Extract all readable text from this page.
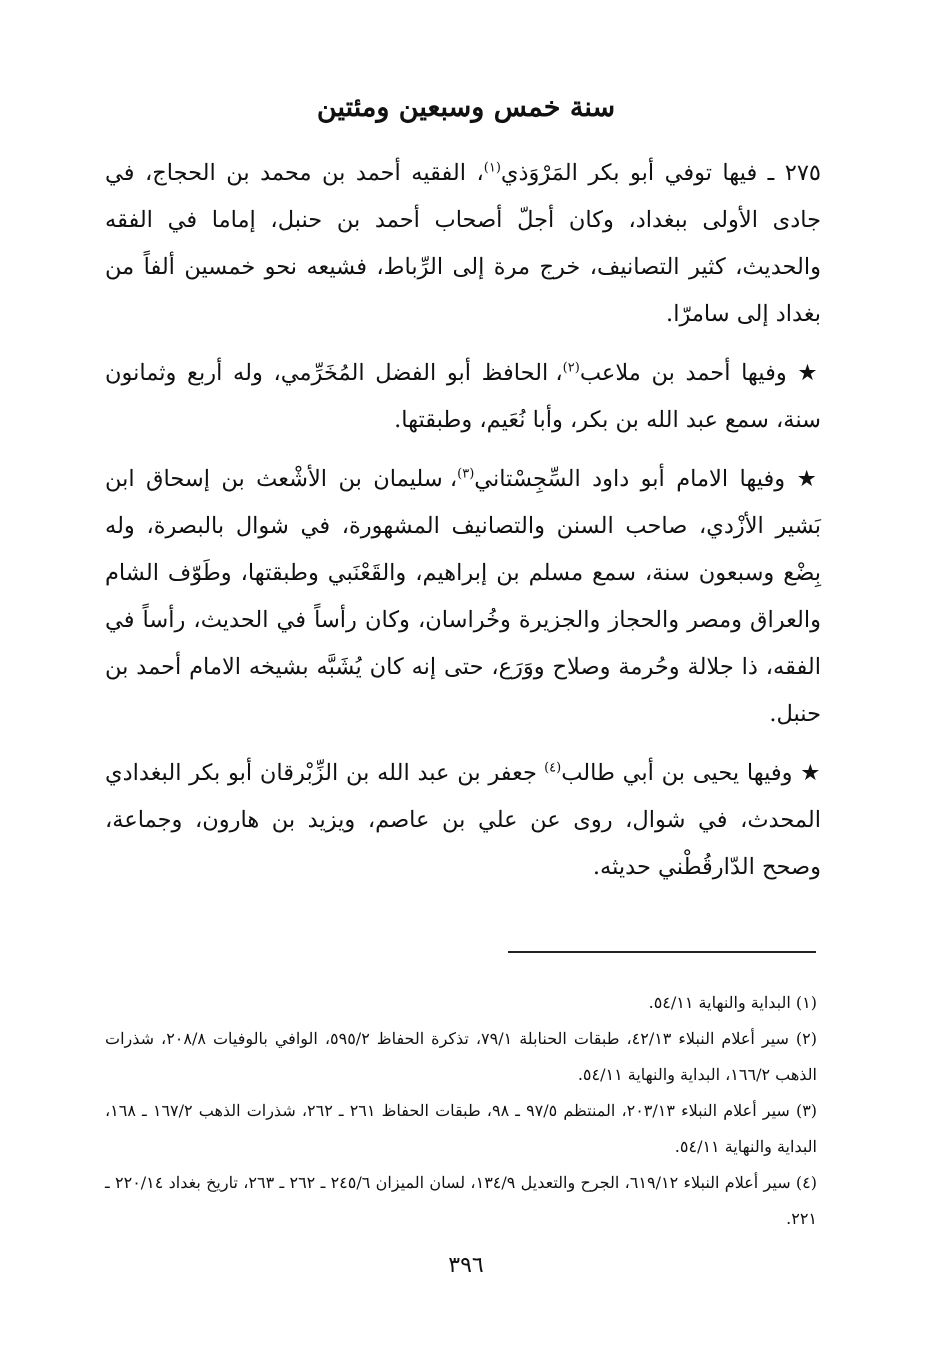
سنة خمس وسبعين ومئتين

٢٧٥ ـ فيها توفي أبو بكر المَرْوَذي$^{(١)}$، الفقيه أحمد بن محمد بن الحجاج، في جادى الأولى ببغداد، وكان أجلّ أصحاب أحمد بن حنبل، إماما في الفقه والحديث، كثير التصانيف، خرج مرة إلى الرِّباط، فشيعه نحو خمسين ألفاً من بغداد إلى سامرّا.

★ وفيها أحمد بن ملاعب$^{(٢)}$، الحافظ أبو الفضل المُخَرِّمي، وله أربع وثمانون سنة، سمع عبد الله بن بكر، وأبا نُعَيم، وطبقتها.

★ وفيها الامام أبو داود السِّجِسْتاني$^{(٣)}$، سليمان بن الأشْعث بن إسحاق ابن بَشير الأزْدي، صاحب السنن والتصانيف المشهورة، في شوال بالبصرة، وله بِضْع وسبعون سنة، سمع مسلم بن إبراهيم، والقَعْنَبي وطبقتها، وطَوّف الشام والعراق ومصر والحجاز والجزيرة وخُراسان، وكان رأساً في الحديث، رأساً في الفقه، ذا جلالة وحُرمة وصلاح ووَرَع، حتى إنه كان يُشَبَّه بشيخه الامام أحمد بن حنبل.

★ وفيها يحيى بن أبي طالب$^{(٤)}$ جعفر بن عبد الله بن الزِّبْرقان أبو بكر البغدادي المحدث، في شوال، روى عن علي بن عاصم، ويزيد بن هارون، وجماعة، وصحح الدّارقُطْني حديثه.

(١) البداية والنهاية ٥٤/١١.

(٢) سير أعلام النبلاء ٤٢/١٣، طبقات الحنابلة ٧٩/١، تذكرة الحفاظ ٥٩٥/٢، الوافي بالوفيات ٢٠٨/٨، شذرات الذهب ١٦٦/٢، البداية والنهاية ٥٤/١١.

(٣) سير أعلام النبلاء ٢٠٣/١٣، المنتظم ٩٧/٥ ـ ٩٨، طبقات الحفاظ ٢٦١ ـ ٢٦٢، شذرات الذهب ١٦٧/٢ ـ ١٦٨، البداية والنهاية ٥٤/١١.

(٤) سير أعلام النبلاء ٦١٩/١٢، الجرح والتعديل ١٣٤/٩، لسان الميزان ٢٤٥/٦ ـ ٢٦٢ ـ ٢٦٣، تاريخ بغداد ٢٢٠/١٤ ـ ٢٢١.

٣٩٦
